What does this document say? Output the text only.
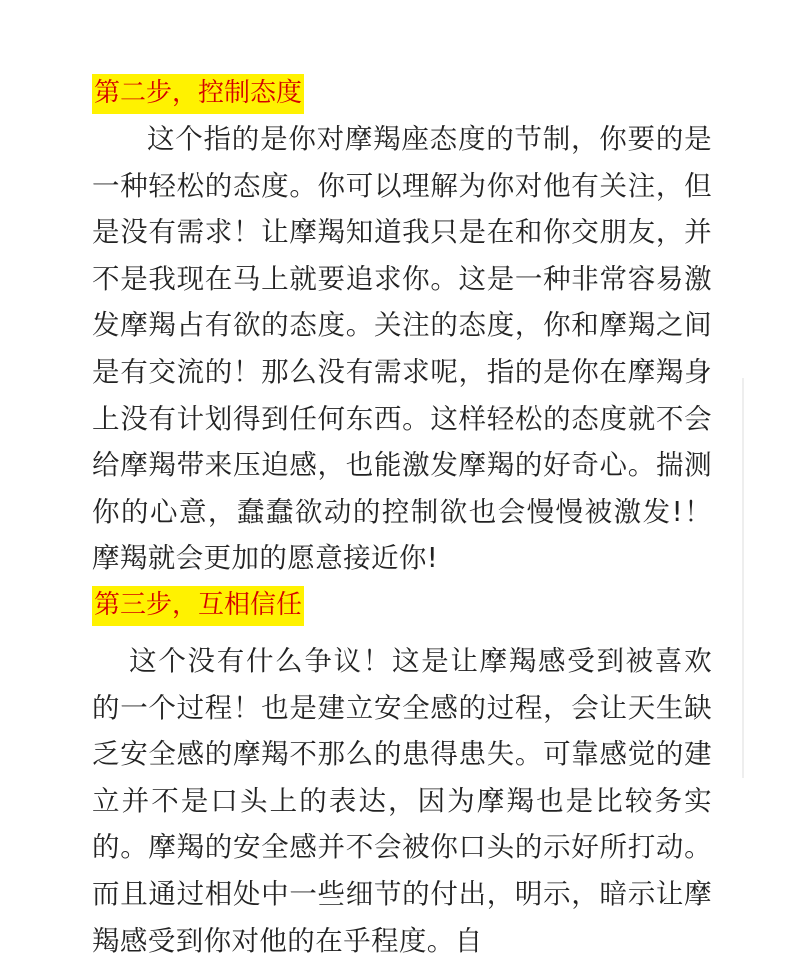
第二步，控制态度

这个指的是你对摩羯座态度的节制，你要的是一种轻松的态度。你可以理解为你对他有关注，但是没有需求！让摩羯知道我只是在和你交朋友，并不是我现在马上就要追求你。这是一种非常容易激发摩羯占有欲的态度。关注的态度，你和摩羯之间是有交流的！那么没有需求呢，指的是你在摩羯身上没有计划得到任何东西。这样轻松的态度就不会给摩羯带来压迫感，也能激发摩羯的好奇心。揣测你的心意，蠢蠢欲动的控制欲也会慢慢被激发!！摩羯就会更加的愿意接近你!

第三步，互相信任

这个没有什么争议！这是让摩羯感受到被喜欢的一个过程！也是建立安全感的过程，会让天生缺乏安全感的摩羯不那么的患得患失。可靠感觉的建立并不是口头上的表达，因为摩羯也是比较务实的。摩羯的安全感并不会被你口头的示好所打动。而且通过相处中一些细节的付出，明示，暗示让摩羯感受到你对他的在乎程度。自
